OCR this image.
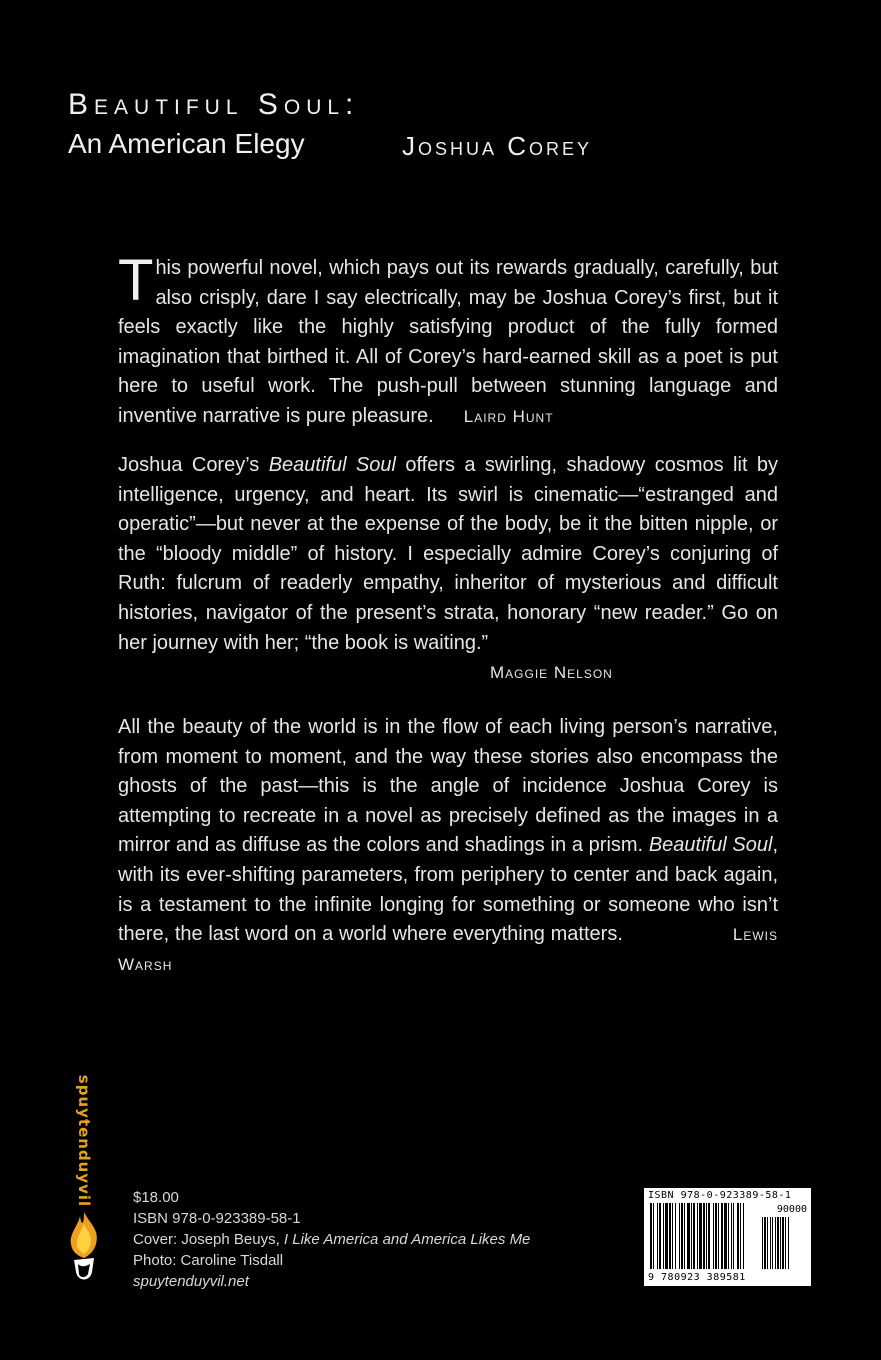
Beautiful Soul:
An American Elegy	Joshua Corey
This powerful novel, which pays out its rewards gradually, carefully, but also crisply, dare I say electrically, may be Joshua Corey’s first, but it feels exactly like the highly satisfying product of the fully formed imagination that birthed it. All of Corey’s hard-earned skill as a poet is put here to useful work. The push-pull between stunning language and inventive narrative is pure pleasure. Laird Hunt
Joshua Corey’s Beautiful Soul offers a swirling, shadowy cosmos lit by intelligence, urgency, and heart. Its swirl is cinematic—“estranged and operatic”—but never at the expense of the body, be it the bitten nipple, or the “bloody middle” of history. I especially admire Corey’s conjuring of Ruth: fulcrum of readerly empathy, inheritor of mysterious and difficult histories, navigator of the present’s strata, honorary “new reader.” Go on her journey with her; “the book is waiting.”
Maggie Nelson
All the beauty of the world is in the flow of each living person’s narrative, from moment to moment, and the way these stories also encompass the ghosts of the past—this is the angle of incidence Joshua Corey is attempting to recreate in a novel as precisely defined as the images in a mirror and as diffuse as the colors and shadings in a prism. Beautiful Soul, with its ever-shifting parameters, from periphery to center and back again, is a testament to the infinite longing for something or someone who isn’t there, the last word on a world where everything matters.	Lewis Warsh
spuytenduyvil	$18.00
ISBN 978-0-923389-58-1
Cover: Joseph Beuys, I Like America and America Likes Me
Photo: Caroline Tisdall
spuytenduyvil.net
ISBN 978-0-923389-58-1
90000
9 780923 389581
